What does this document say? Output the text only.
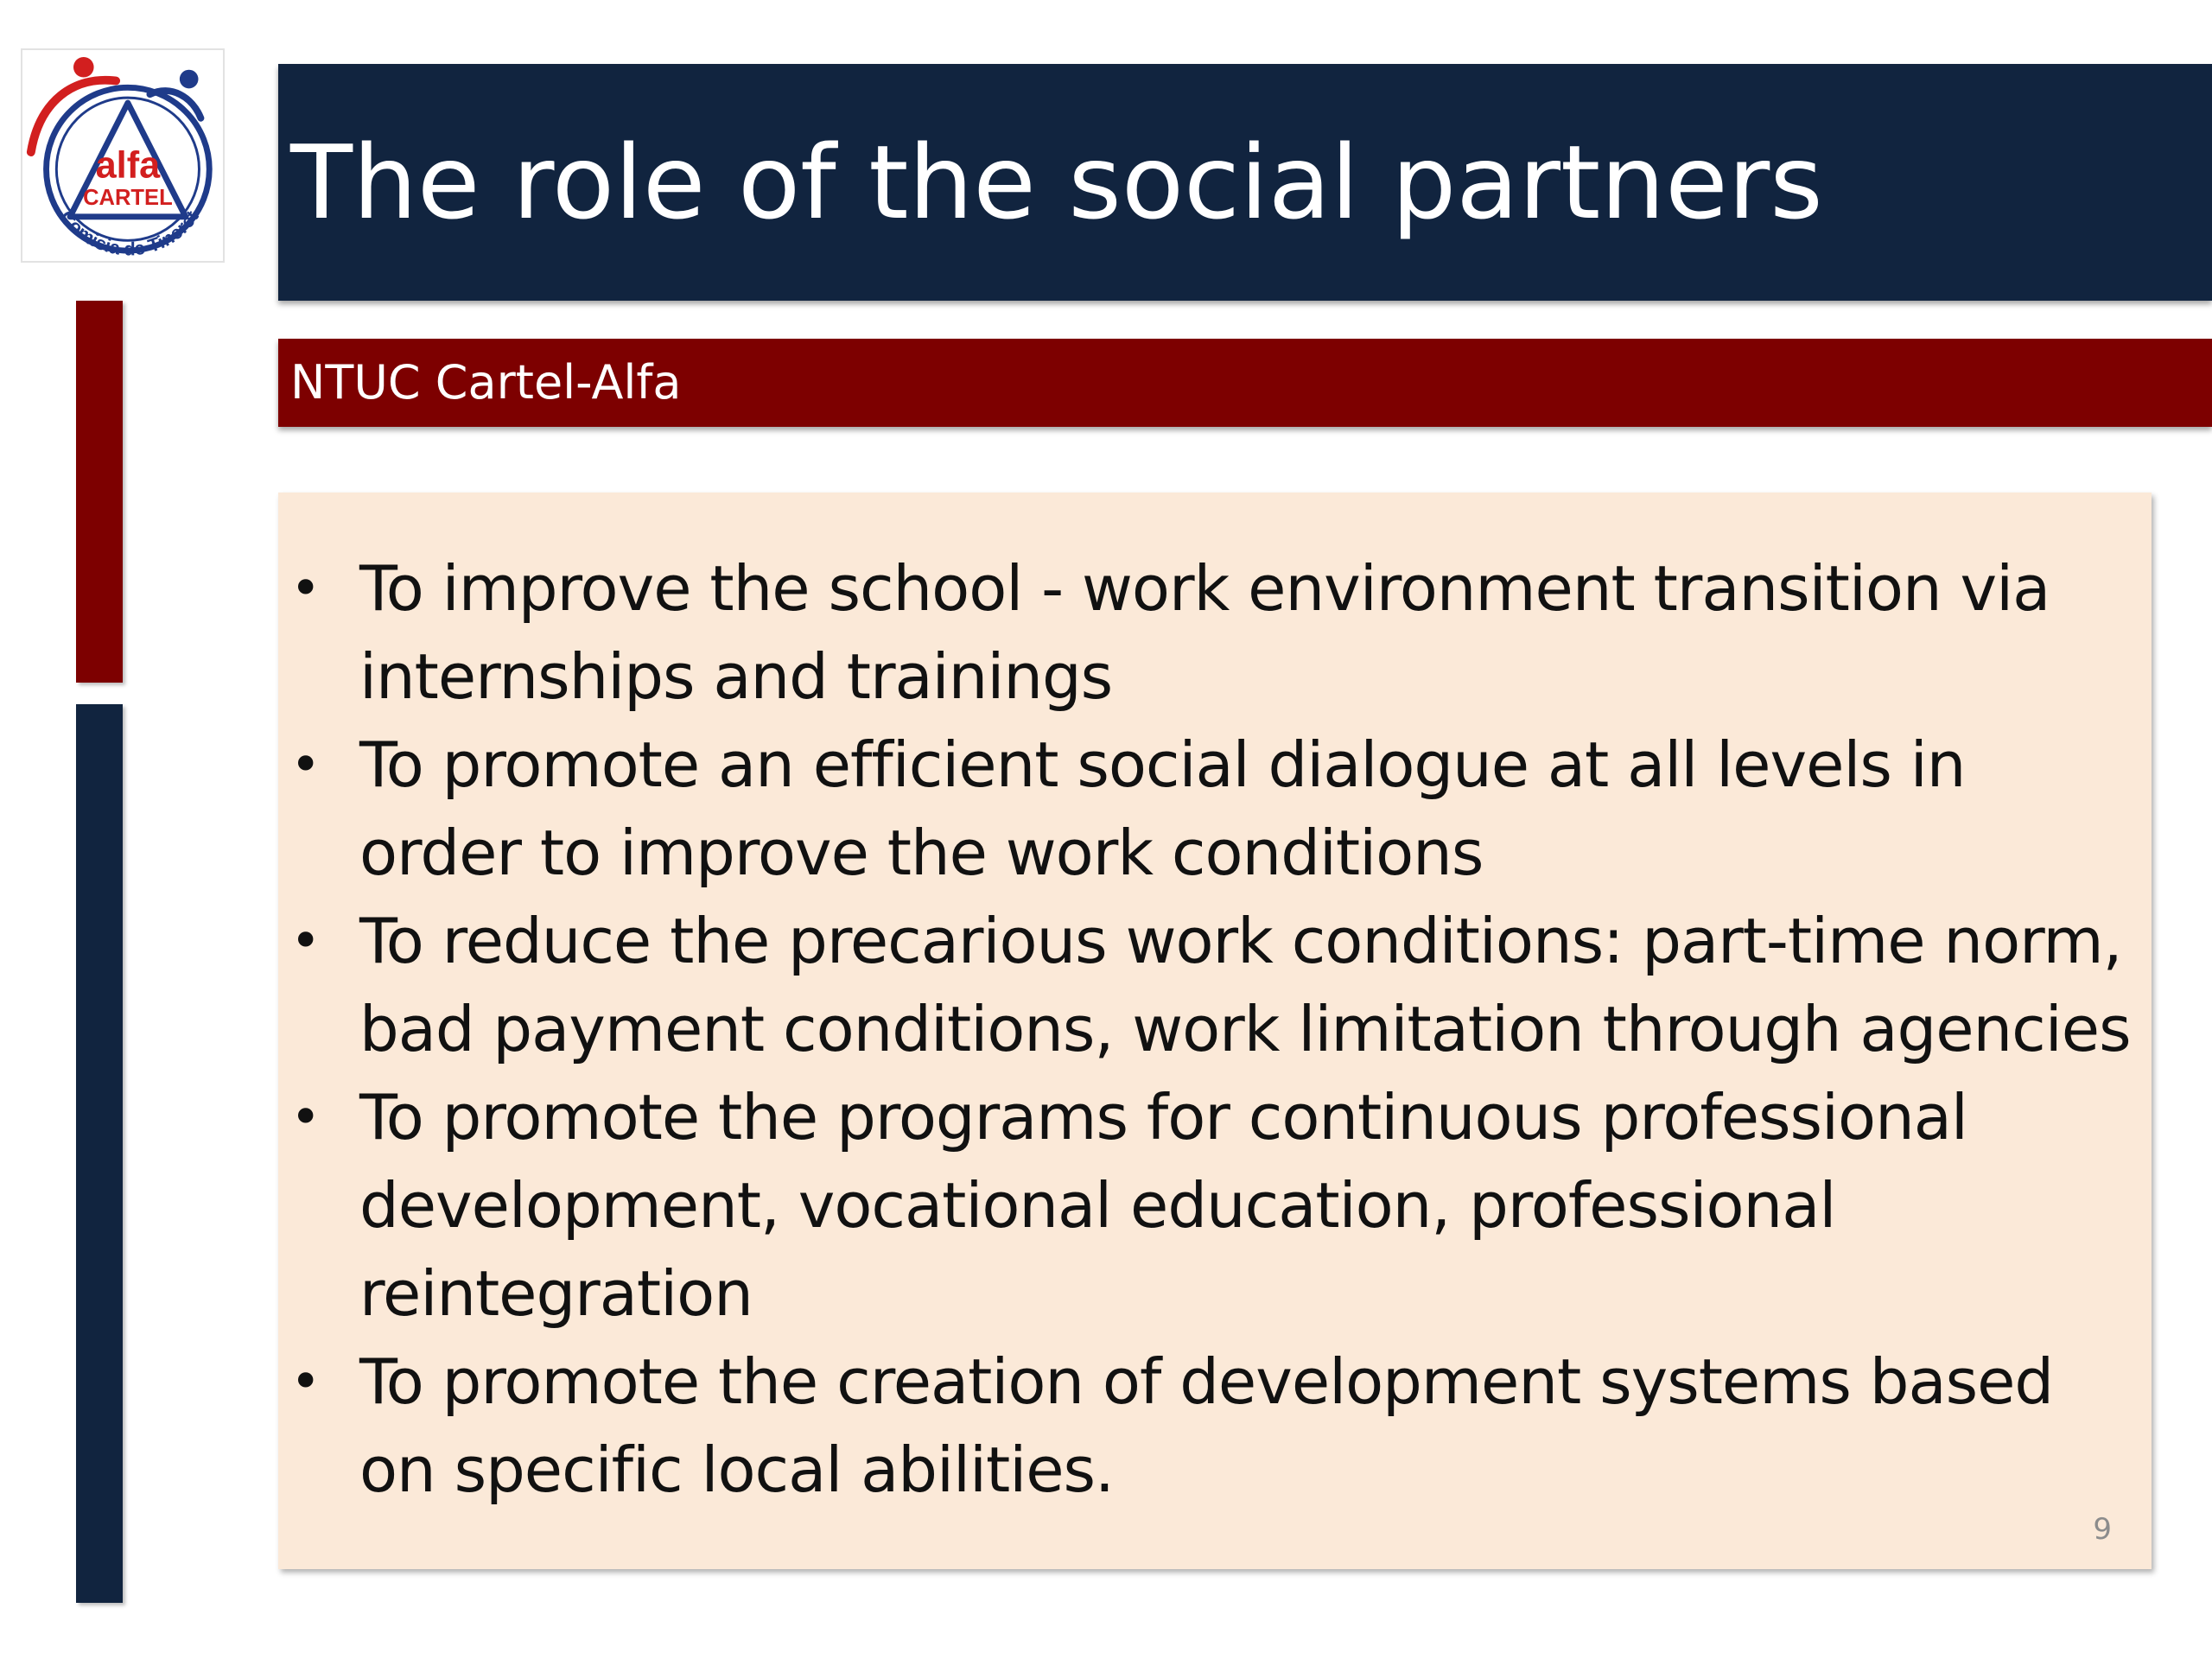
alfa
CARTEL
Comisia de Tineret The role of the social partners
NTUC Cartel-Alfa
• To improve the school - work environment transition via internships and trainings
• To promote an efficient social dialogue at all levels in order to improve the work conditions
• To reduce the precarious work conditions: part-time norm, bad payment conditions, work limitation through agencies
• To promote the programs for continuous professional development, vocational education, professional reintegration
• To promote the creation of development systems based on specific local abilities.
9
